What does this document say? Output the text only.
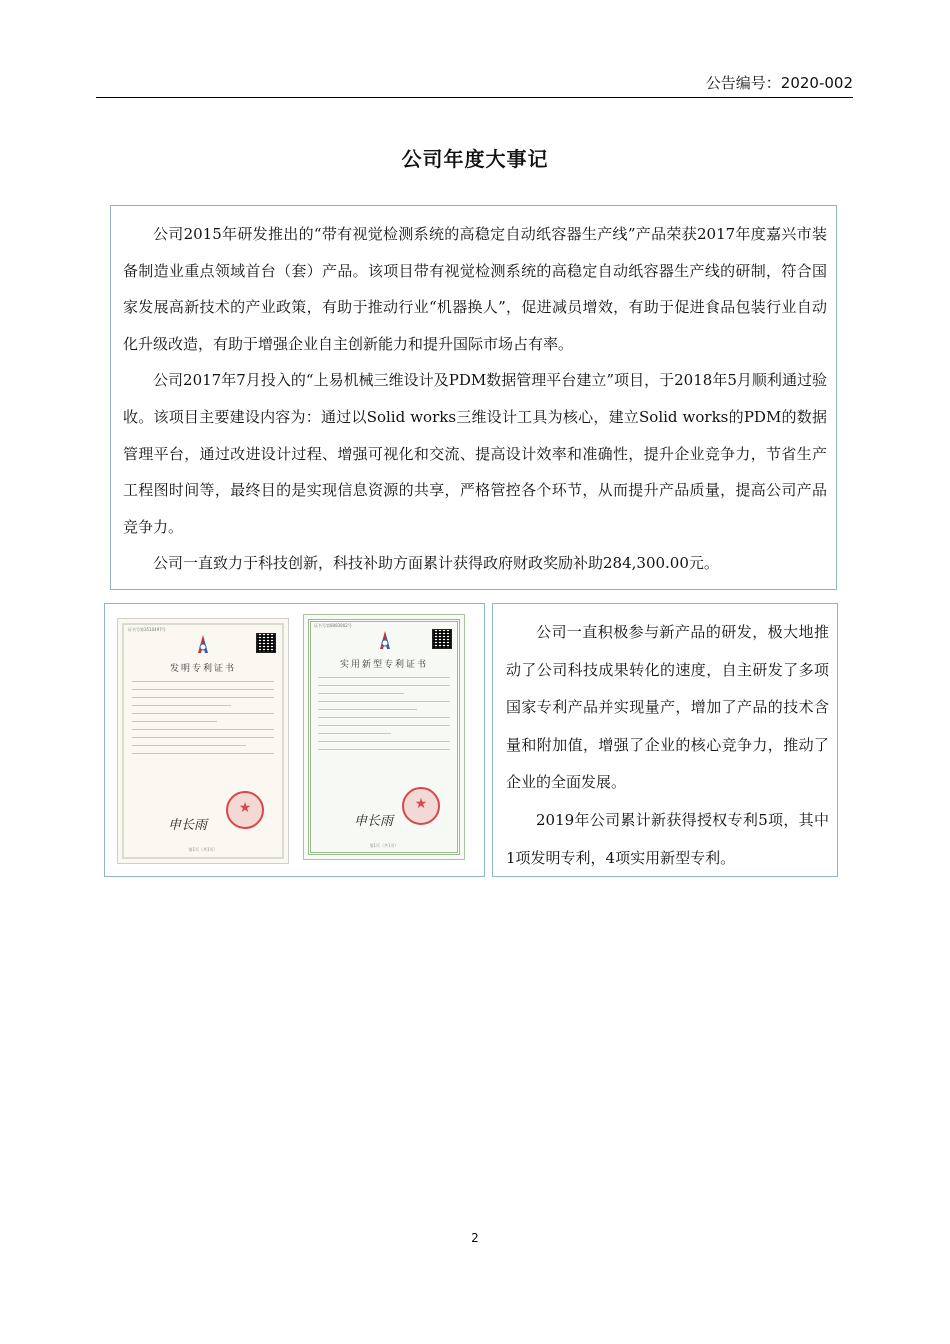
公告编号：2020-002
公司年度大事记

公司2015年研发推出的“带有视觉检测系统的高稳定自动纸容器生产线”产品荣获2017年度嘉兴市装备制造业重点领域首台（套）产品。该项目带有视觉检测系统的高稳定自动纸容器生产线的研制，符合国家发展高新技术的产业政策，有助于推动行业“机器换人”，促进减员增效，有助于促进食品包装行业自动化升级改造，有助于增强企业自主创新能力和提升国际市场占有率。

公司2017年7月投入的“上易机械三维设计及PDM数据管理平台建立”项目，于2018年5月顺利通过验收。该项目主要建设内容为：通过以Solid works三维设计工具为核心，建立Solid works的PDM的数据管理平台，通过改进设计过程、增强可视化和交流、提高设计效率和准确性，提升企业竞争力，节省生产工程图时间等，最终目的是实现信息资源的共享，严格管控各个环节，从而提升产品质量，提高公司产品竞争力。

公司一直致力于科技创新，科技补助方面累计获得政府财政奖励补助284,300.00元。

证书号第3510497号
发明专利证书
申长雨
★
第1页（共1页）
证书号第8883902号
实用新型专利证书
申长雨
★
第1页（共1页）

公司一直积极参与新产品的研发，极大地推动了公司科技成果转化的速度，自主研发了多项国家专利产品并实现量产，增加了产品的技术含量和附加值，增强了企业的核心竞争力，推动了企业的全面发展。

2019年公司累计新获得授权专利5项，其中1项发明专利，4项实用新型专利。

2
